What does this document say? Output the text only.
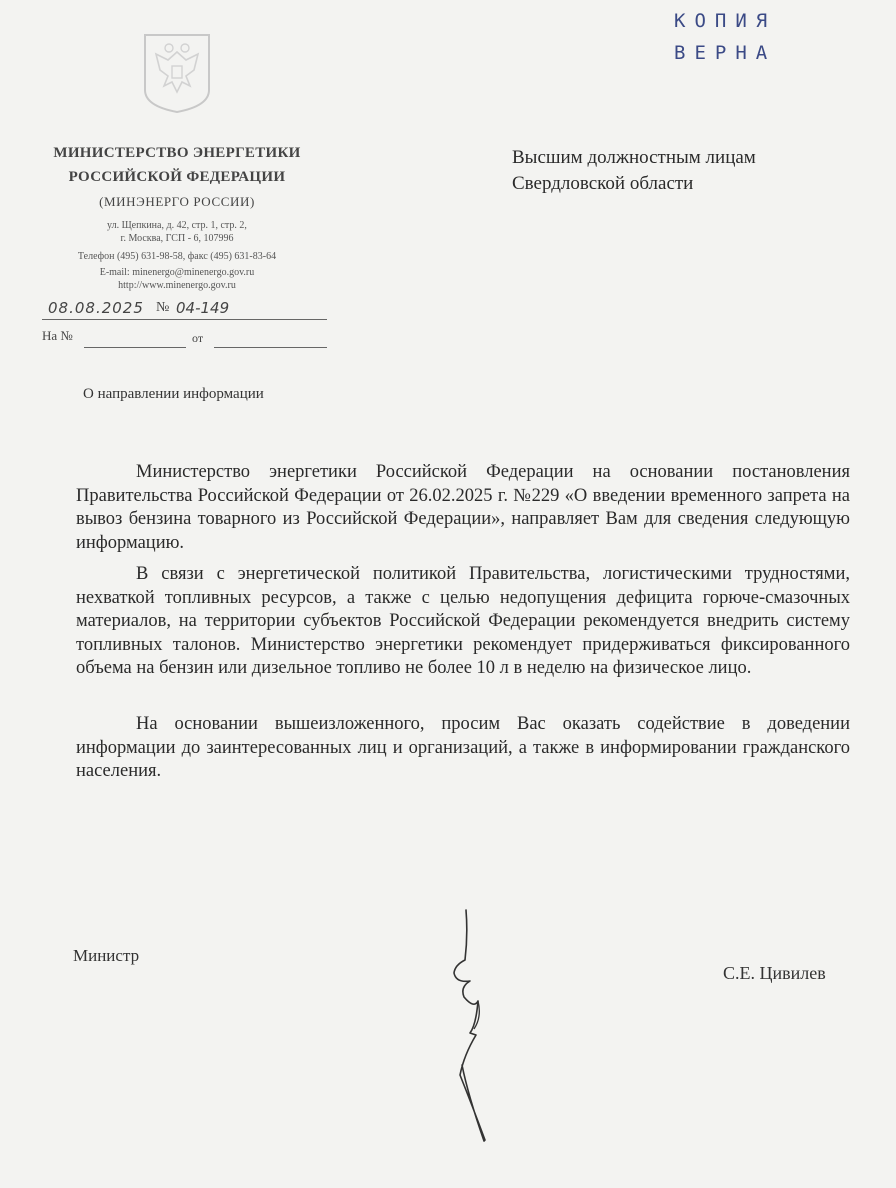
КОПИЯ
ВЕРНА
МИНИСТЕРСТВО ЭНЕРГЕТИКИ
РОССИЙСКОЙ ФЕДЕРАЦИИ
(МИНЭНЕРГО РОССИИ)
ул. Щепкина, д. 42, стр. 1, стр. 2,
г. Москва, ГСП - 6, 107996
Телефон (495) 631-98-58, факс (495) 631-83-64
E-mail: minenergo@minenergo.gov.ru
http://www.minenergo.gov.ru
08.08.2025 № 04-149
На №	от
Высшим должностным лицам
Свердловской области
О направлении информации

Министерство энергетики Российской Федерации на основании постановления Правительства Российской Федерации от 26.02.2025 г. №229 «О введении временного запрета на вывоз бензина товарного из Российской Федерации», направляет Вам для сведения следующую информацию.

В связи с энергетической политикой Правительства, логистическими трудностями, нехваткой топливных ресурсов, а также с целью недопущения дефицита горюче-смазочных материалов, на территории субъектов Российской Федерации рекомендуется внедрить систему топливных талонов. Министерство энергетики рекомендует придерживаться фиксированного объема на бензин или дизельное топливо не более 10 л в неделю на физическое лицо.

На основании вышеизложенного, просим Вас оказать содействие в доведении информации до заинтересованных лиц и организаций, а также в информировании гражданского населения.

Министр
С.Е. Цивилев
